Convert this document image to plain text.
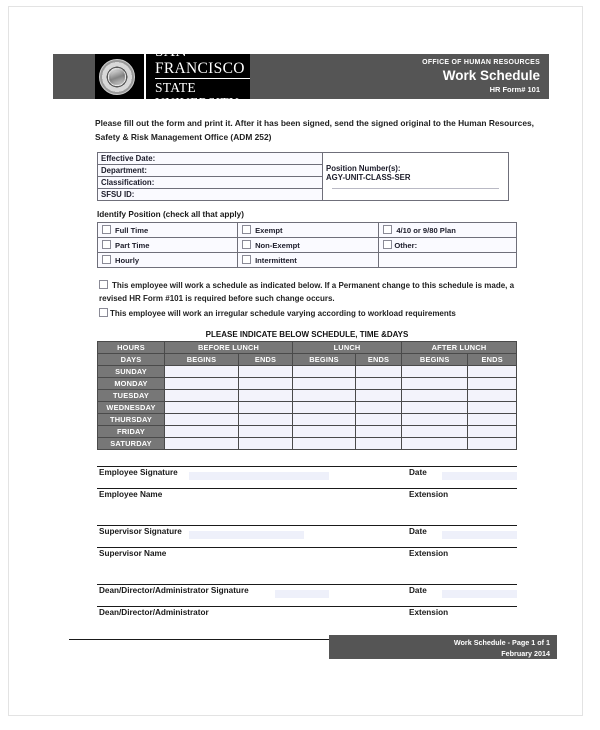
SAN FRANCISCO
STATE UNIVERSITY
OFFICE OF HUMAN RESOURCES
Work Schedule
HR Form# 101
Please fill out the form and print it. After it has been signed, send the signed original to the Human Resources, Safety & Risk Management Office (ADM 252)
Effective Date:	
Position Number(s):
AGY-UNIT-CLASS-SER

Department:
Classification:
SFSU ID:
Identify Position (check all that apply)
Full Time	Exempt	4/10 or 9/80 Plan
Part Time	Non-Exempt	Other:
Hourly	Intermittent	
This employee will work a schedule as indicated below. If a Permanent change to this schedule is made, a revised HR Form #101 is required before such change occurs.
This employee will work an irregular schedule varying according to workload requirements
PLEASE INDICATE BELOW SCHEDULE, TIME &DAYS
HOURS	BEFORE LUNCH		LUNCH		AFTER LUNCH	
DAYS	BEGINS	ENDS	BEGINS	ENDS	BEGINS	ENDS
SUNDAY						
MONDAY						
TUESDAY						
WEDNESDAY						
THURSDAY						
FRIDAY						
SATURDAY						
Employee Signature	Date
Employee Name	Extension
Supervisor Signature	Date
Supervisor Name	Extension
Dean/Director/Administrator Signature	Date
Dean/Director/Administrator	Extension
Work Schedule - Page 1 of 1
February 2014
